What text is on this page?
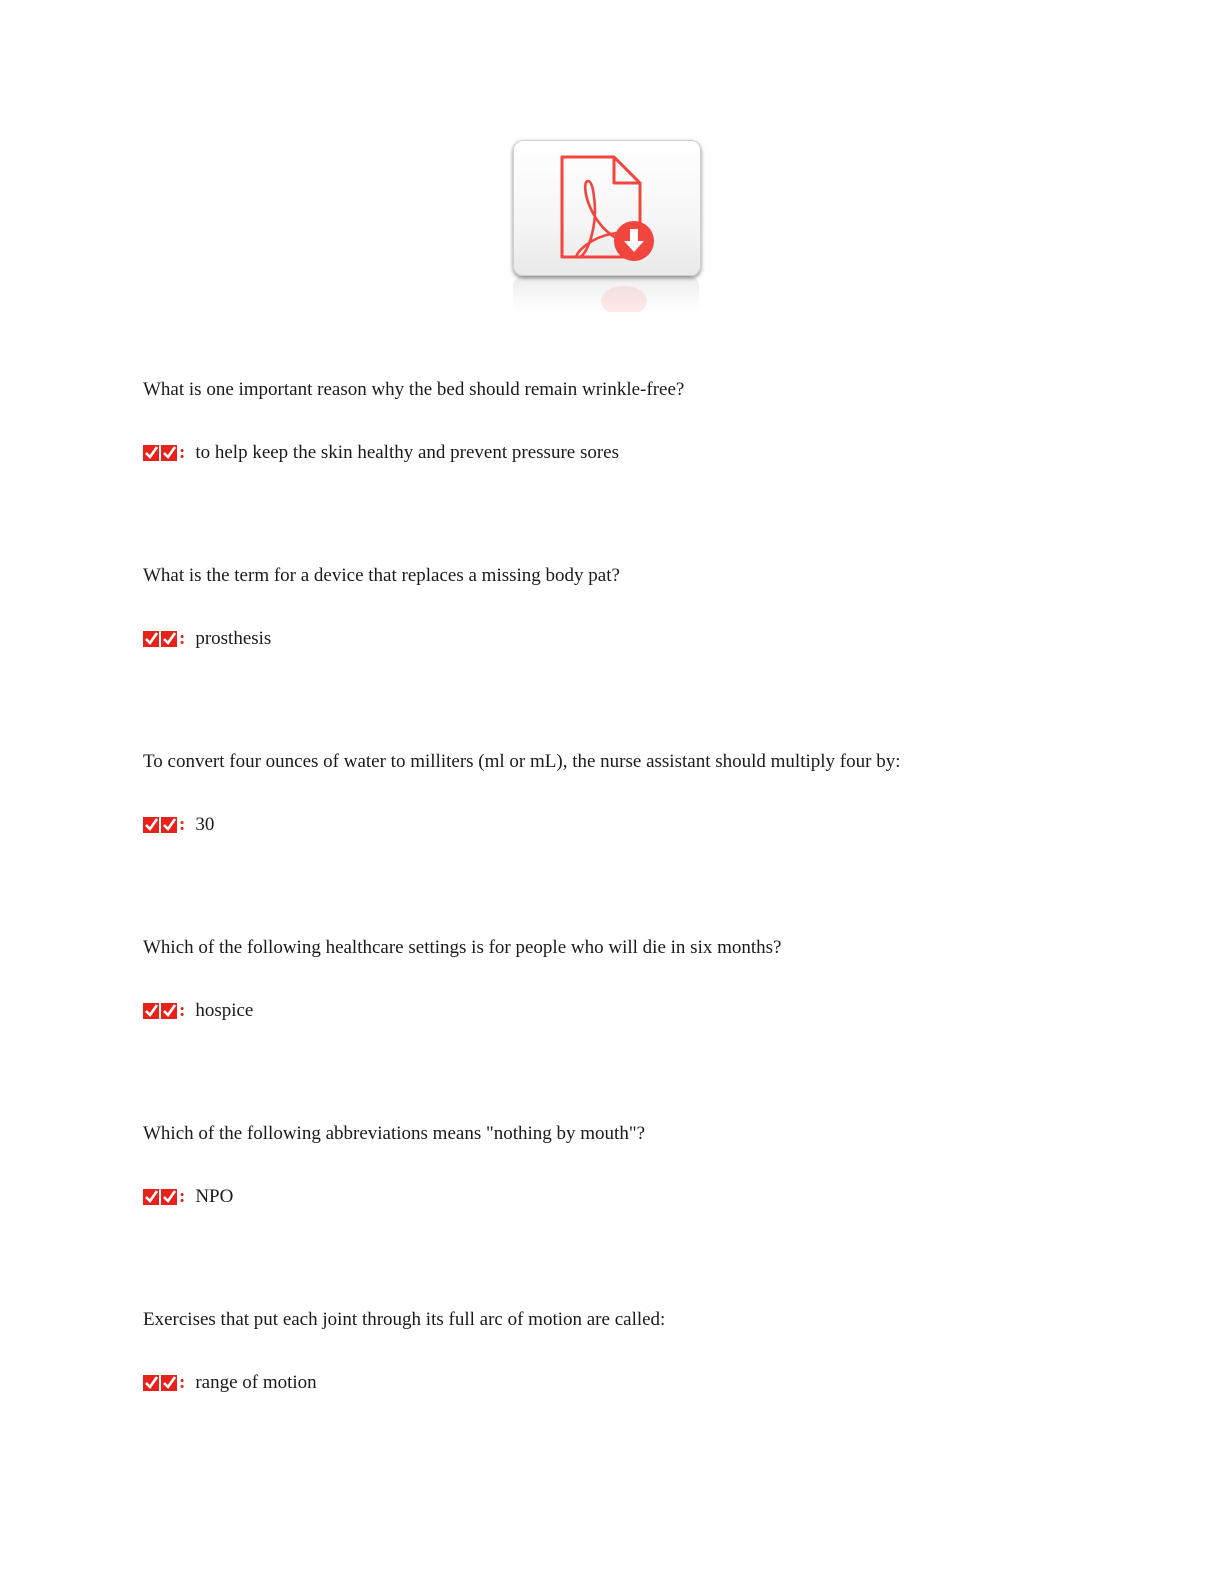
What is one important reason why the bed should remain wrinkle-free?
: to help keep the skin healthy and prevent pressure sores
What is the term for a device that replaces a missing body pat?
: prosthesis
To convert four ounces of water to milliters (ml or mL), the nurse assistant should multiply four by:
: 30
Which of the following healthcare settings is for people who will die in six months?
: hospice
Which of the following abbreviations means "nothing by mouth"?
: NPO
Exercises that put each joint through its full arc of motion are called:
: range of motion
